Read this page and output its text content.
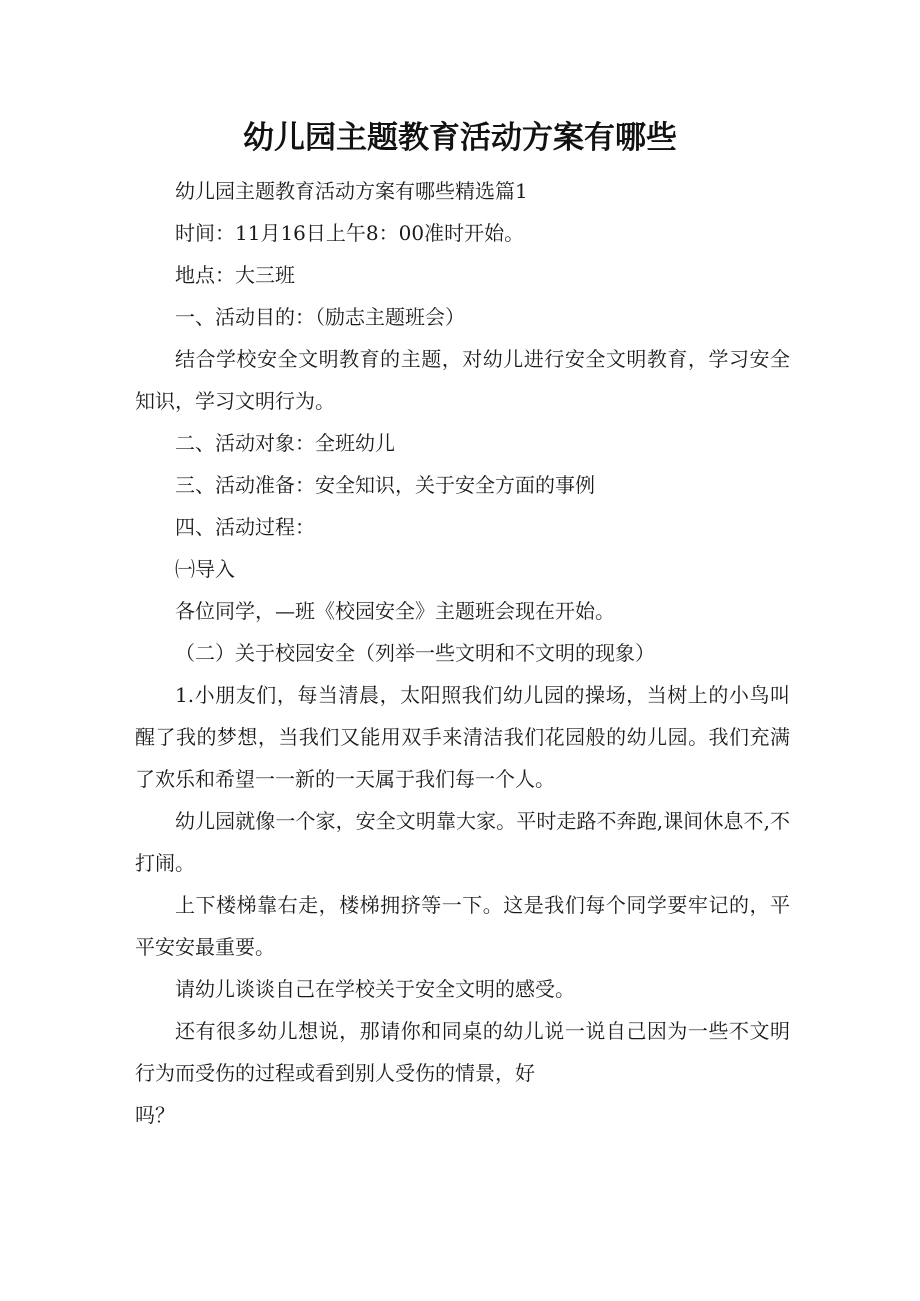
幼儿园主题教育活动方案有哪些

幼儿园主题教育活动方案有哪些精选篇1

时间：11月16日上午8：00准时开始。

地点：大三班

一、活动目的：（励志主题班会）

结合学校安全文明教育的主题，对幼儿进行安全文明教育，学习安全知识，学习文明行为。

二、活动对象：全班幼儿

三、活动准备：安全知识，关于安全方面的事例

四、活动过程：

㈠导入

各位同学，—班《校园安全》主题班会现在开始。

（二）关于校园安全（列举一些文明和不文明的现象）

1.小朋友们，每当清晨，太阳照我们幼儿园的操场，当树上的小鸟叫醒了我的梦想，当我们又能用双手来清洁我们花园般的幼儿园。我们充满了欢乐和希望一一新的一天属于我们每一个人。

幼儿园就像一个家，安全文明靠大家。平时走路不奔跑,课间休息不,不打闹。

上下楼梯靠右走，楼梯拥挤等一下。这是我们每个同学要牢记的，平平安安最重要。

请幼儿谈谈自己在学校关于安全文明的感受。

还有很多幼儿想说，那请你和同桌的幼儿说一说自己因为一些不文明行为而受伤的过程或看到别人受伤的情景，好

吗？
